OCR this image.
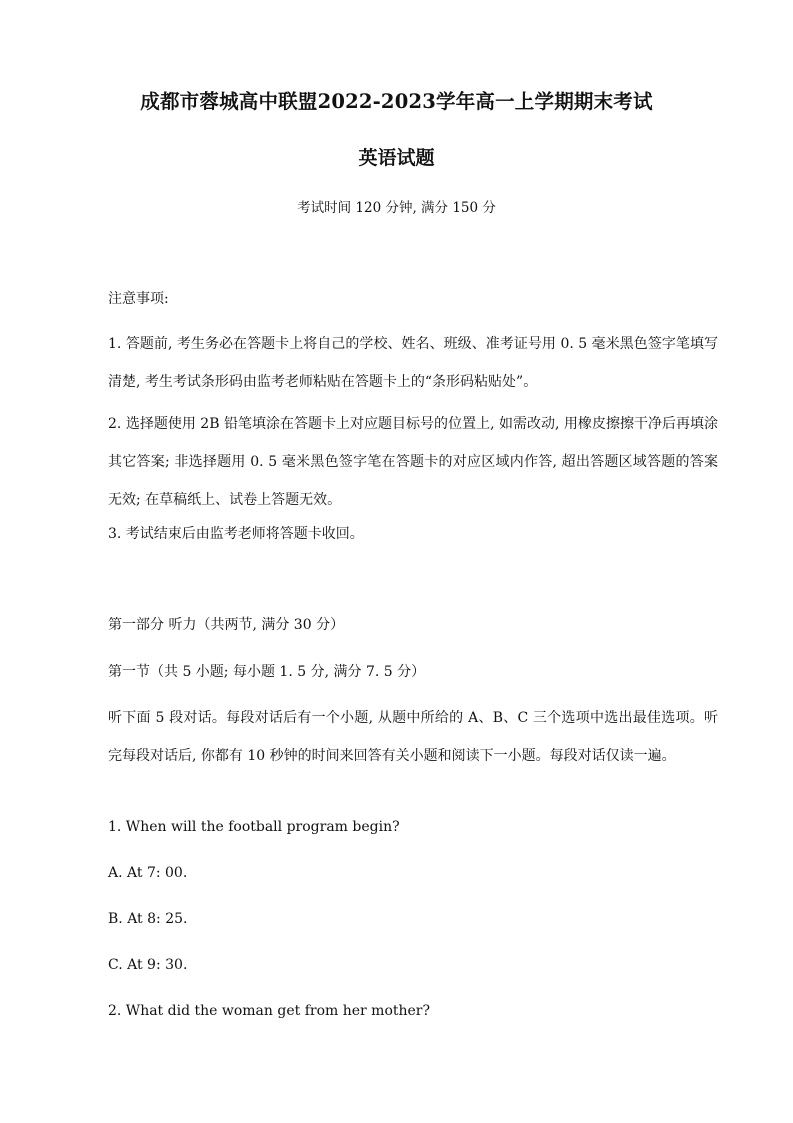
成都市蓉城高中联盟2022-2023学年高一上学期期末考试
英语试题
考试时间 120 分钟, 满分 150 分
注意事项:
1. 答题前, 考生务必在答题卡上将自己的学校、姓名、班级、准考证号用 0. 5 毫米黑色签字笔填写清楚, 考生考试条形码由监考老师粘贴在答题卡上的“条形码粘贴处”。
2. 选择题使用 2B 铅笔填涂在答题卡上对应题目标号的位置上, 如需改动, 用橡皮擦擦干净后再填涂其它答案; 非选择题用 0. 5 毫米黑色签字笔在答题卡的对应区域内作答, 超出答题区域答题的答案无效; 在草稿纸上、试卷上答题无效。
3. 考试结束后由监考老师将答题卡收回。
第一部分 听力（共两节, 满分 30 分）
第一节（共 5 小题; 每小题 1. 5 分, 满分 7. 5 分）
听下面 5 段对话。每段对话后有一个小题, 从题中所给的 A、B、C 三个选项中选出最佳选项。听完每段对话后, 你都有 10 秒钟的时间来回答有关小题和阅读下一小题。每段对话仅读一遍。
1. When will the football program begin?
A. At 7: 00.
B. At 8: 25.
C. At 9: 30.
2. What did the woman get from her mother?
